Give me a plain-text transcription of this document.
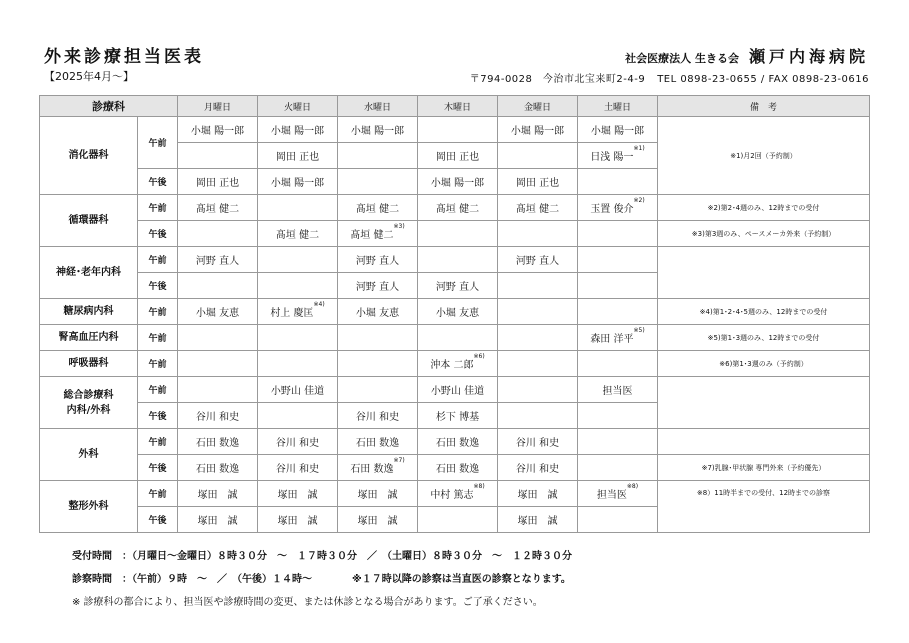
外来診療担当医表
【2025年4月～】
社会医療法人 生きる会 瀬戸内海病院
〒794-0028　今治市北宝来町2-4-9 TEL 0898-23-0655 / FAX 0898-23-0616
診療科		月曜日	火曜日	水曜日	木曜日	金曜日	土曜日	備　考
消化器科	午前	小堀 陽一郎	小堀 陽一郎	小堀 陽一郎		小堀 陽一郎	小堀 陽一郎	※1)月2回（予約制）
			岡田 正也		岡田 正也		日浅 陽一$^{※1)}$
	午後	岡田 正也	小堀 陽一郎		小堀 陽一郎	岡田 正也		
循環器科	午前	髙垣 健二		髙垣 健二	髙垣 健二	髙垣 健二	玉置 俊介$^{※2)}$	※2)第2･4週のみ、12時までの受付
	午後		髙垣 健二	髙垣 健二$^{※3)}$				※3)第3週のみ、ペースメーカ外来（予約制）
神経･老年内科	午前	河野 直人		河野 直人		河野 直人		
	午後			河野 直人	河野 直人			
糖尿病内科	午前	小堀 友恵	村上 慶匡$^{※4)}$	小堀 友恵	小堀 友恵			※4)第1･2･4･5週のみ、12時までの受付
腎高血圧内科	午前						森田 洋平$^{※5)}$	※5)第1･3週のみ、12時までの受付
呼吸器科	午前				沖本 二郎$^{※6)}$			※6)第1･3週のみ（予約制）
総合診療科
内科/外科	午前		小野山 佳道		小野山 佳道		担当医	
	午後	谷川 和史		谷川 和史	杉下 博基			
外科	午前	石田 数逸	谷川 和史	石田 数逸	石田 数逸	谷川 和史		
	午後	石田 数逸	谷川 和史	石田 数逸$^{※7)}$	石田 数逸	谷川 和史		※7)乳腺･甲状腺 専門外来（予約優先）
整形外科	午前	塚田　誠	塚田　誠	塚田　誠	中村 篤志$^{※8)}$	塚田　誠	担当医$^{※8)}$	※8）11時半までの受付、12時までの診察
	午後	塚田　誠	塚田　誠	塚田　誠		塚田　誠		
受付時間　：（月曜日～金曜日）８時３０分　～　１７時３０分　／　（土曜日）８時３０分　～　１２時３０分
診察時間　：（午前）９時　～　／　（午後）１４時～　　　　※１７時以降の診察は当直医の診察となります。
※ 診療科の都合により、担当医や診療時間の変更、または休診となる場合があります。ご了承ください。
